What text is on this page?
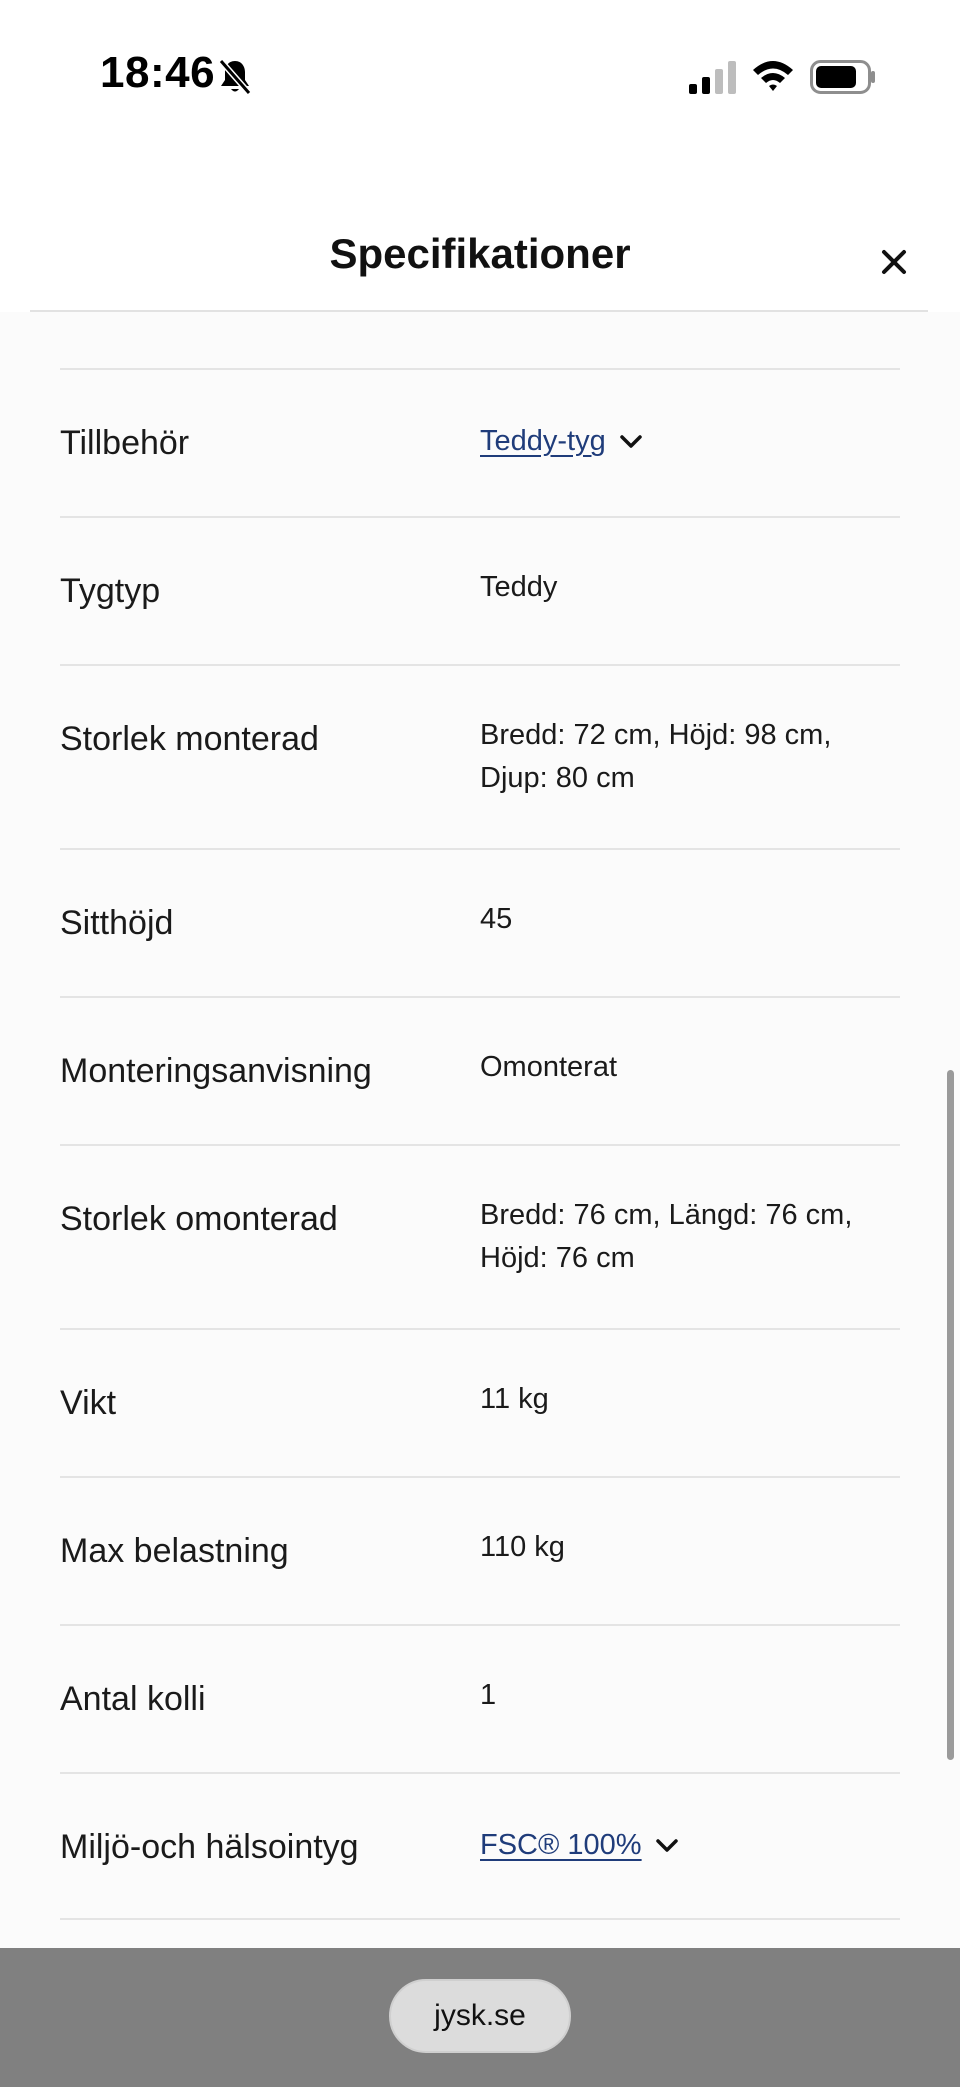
18:46
Specifikationer
Tillbehör	Teddy-tyg
Tygtyp	Teddy
Storlek monterad	Bredd: 72 cm, Höjd: 98 cm,
Djup: 80 cm
Sitthöjd	45
Monteringsanvisning	Omonterat
Storlek omonterad	Bredd: 76 cm, Längd: 76 cm,
Höjd: 76 cm
Vikt	11 kg
Max belastning	110 kg
Antal kolli	1
Miljö-och hälsointyg	FSC® 100%
jysk.se
